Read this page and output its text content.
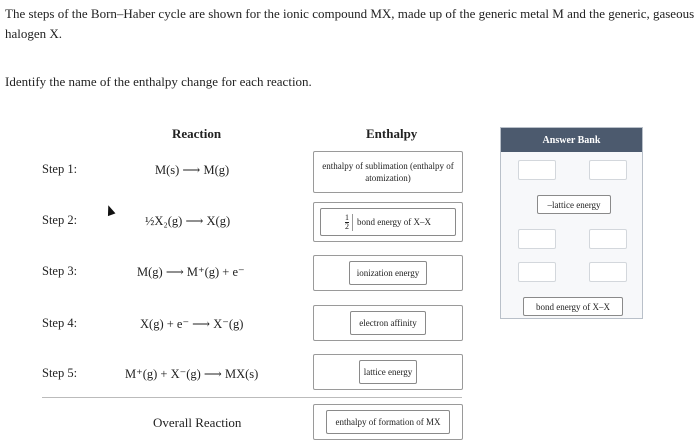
The steps of the Born–Haber cycle are shown for the ionic compound MX, made up of the generic metal M and the generic, gaseous halogen X.
Identify the name of the enthalpy change for each reaction.
Reaction	Enthalpy
Step 1:	M(s) ⟶ M(g)	enthalpy of sublimation (enthalpy of atomization)
Step 2:	½X₂(g) ⟶ X(g)	$\frac{1}{2}$ bond energy of X–X
Step 3:	M(g) ⟶ M⁺(g) + e⁻	ionization energy
Step 4:	X(g) + e⁻ ⟶ X⁻(g)	electron affinity
Step 5:	M⁺(g) + X⁻(g) ⟶ MX(s)	lattice energy
Overall Reaction	enthalpy of formation of MX
Answer Bank
–lattice energy
bond energy of X–X
